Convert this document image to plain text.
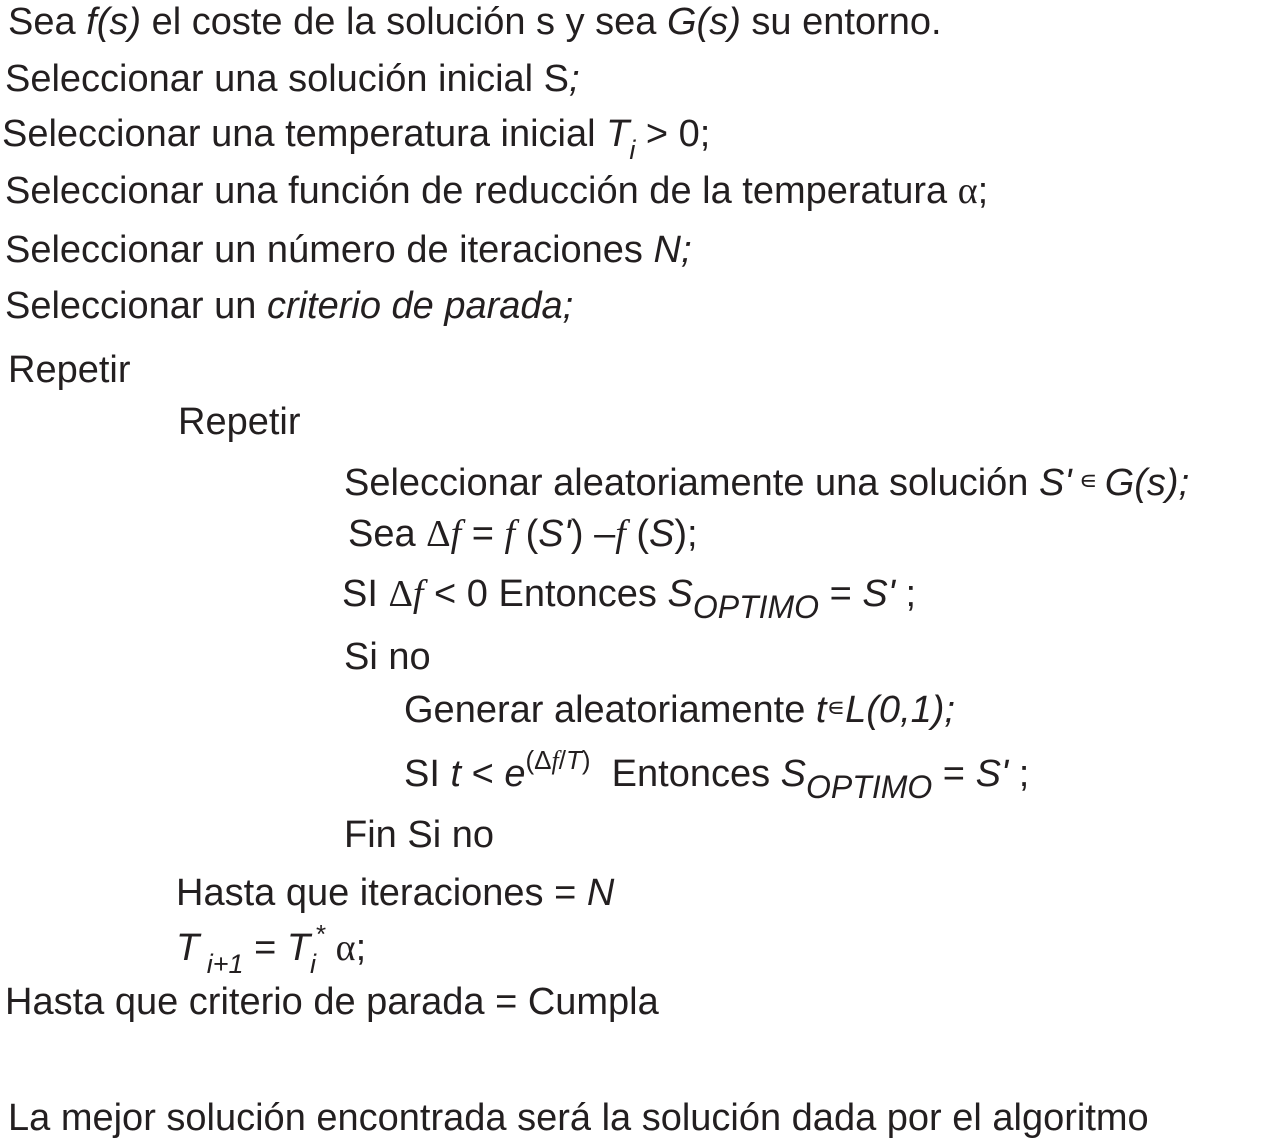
Sea f(s) el coste de la solución s y sea G(s) su entorno.
Seleccionar una solución inicial S;
Seleccionar una temperatura inicial $T_i > 0$;
Seleccionar una función de reducción de la temperatura α;
Seleccionar un número de iteraciones N;
Seleccionar un criterio de parada;
Repetir
Repetir
Seleccionar aleatoriamente una solución S' ∊ G(s);
Sea Δf = f (S') –f (S);
SI Δf < 0 Entonces $S_{OPTIMO} = S'$ ;
Si no
Generar aleatoriamente t∊L(0,1);
SI $t < e^{(\Delta f/T)}$  Entonces $S_{OPTIMO} = S'$ ;
Fin Si no
Hasta que iteraciones = N
T $_{i+1} = T_i^*$ α;
Hasta que criterio de parada = Cumpla
La mejor solución encontrada será la solución dada por el algoritmo
